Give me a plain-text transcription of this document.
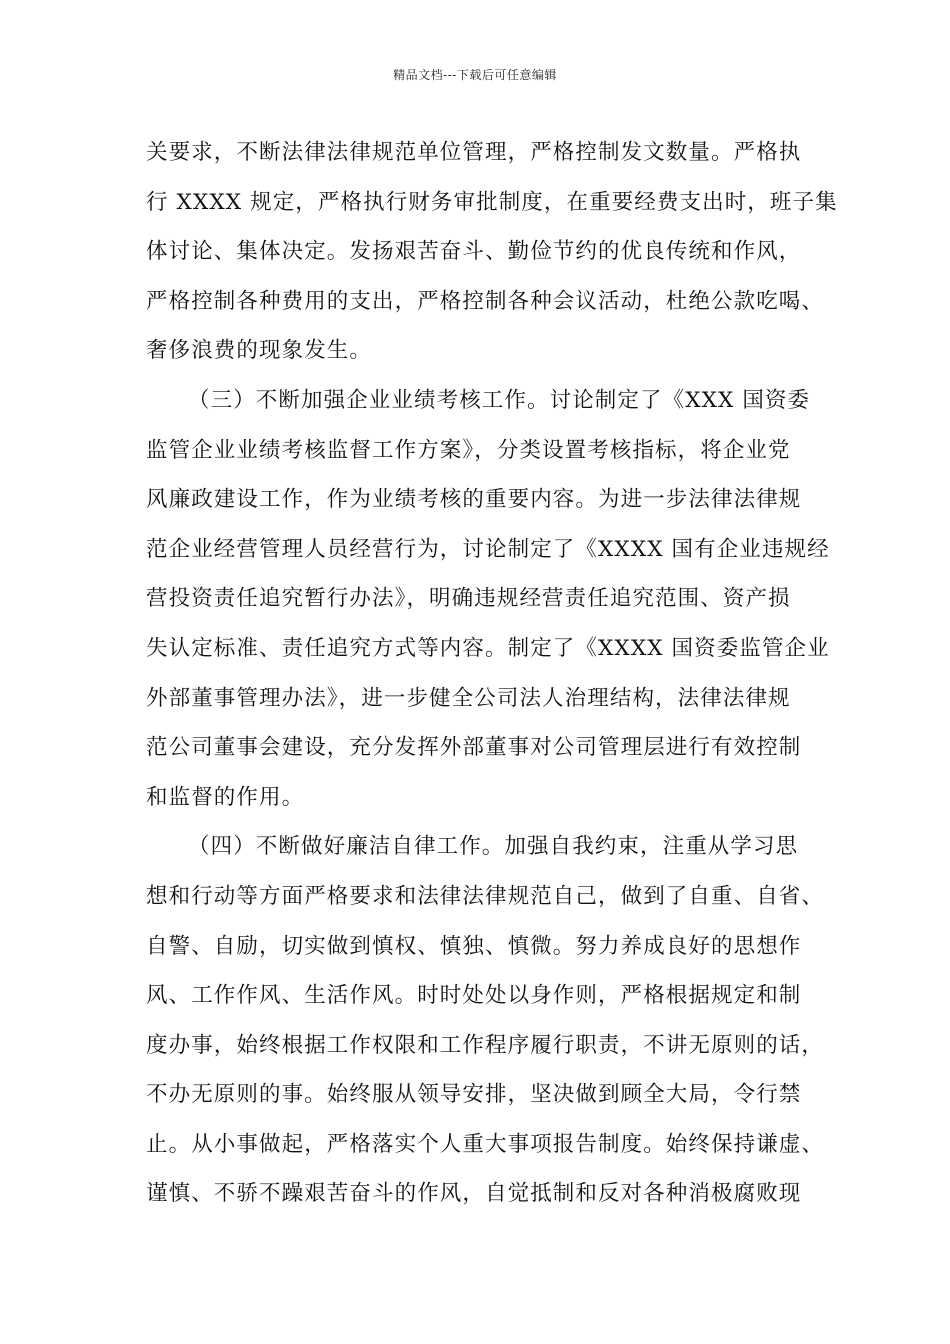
精品文档---下载后可任意编辑
关要求，不断法律法律规范单位管理，严格控制发文数量。严格执
行 XXXX 规定，严格执行财务审批制度，在重要经费支出时，班子集
体讨论、集体决定。发扬艰苦奋斗、勤俭节约的优良传统和作风，
严格控制各种费用的支出，严格控制各种会议活动，杜绝公款吃喝、
奢侈浪费的现象发生。
（三）不断加强企业业绩考核工作。讨论制定了《XXX 国资委
监管企业业绩考核监督工作方案》，分类设置考核指标，将企业党
风廉政建设工作，作为业绩考核的重要内容。为进一步法律法律规
范企业经营管理人员经营行为，讨论制定了《XXXX 国有企业违规经
营投资责任追究暂行办法》，明确违规经营责任追究范围、资产损
失认定标准、责任追究方式等内容。制定了《XXXX 国资委监管企业
外部董事管理办法》，进一步健全公司法人治理结构，法律法律规
范公司董事会建设，充分发挥外部董事对公司管理层进行有效控制
和监督的作用。
（四）不断做好廉洁自律工作。加强自我约束，注重从学习思
想和行动等方面严格要求和法律法律规范自己，做到了自重、自省、
自警、自励，切实做到慎权、慎独、慎微。努力养成良好的思想作
风、工作作风、生活作风。时时处处以身作则，严格根据规定和制
度办事，始终根据工作权限和工作程序履行职责，不讲无原则的话，
不办无原则的事。始终服从领导安排，坚决做到顾全大局，令行禁
止。从小事做起，严格落实个人重大事项报告制度。始终保持谦虚、
谨慎、不骄不躁艰苦奋斗的作风，自觉抵制和反对各种消极腐败现
